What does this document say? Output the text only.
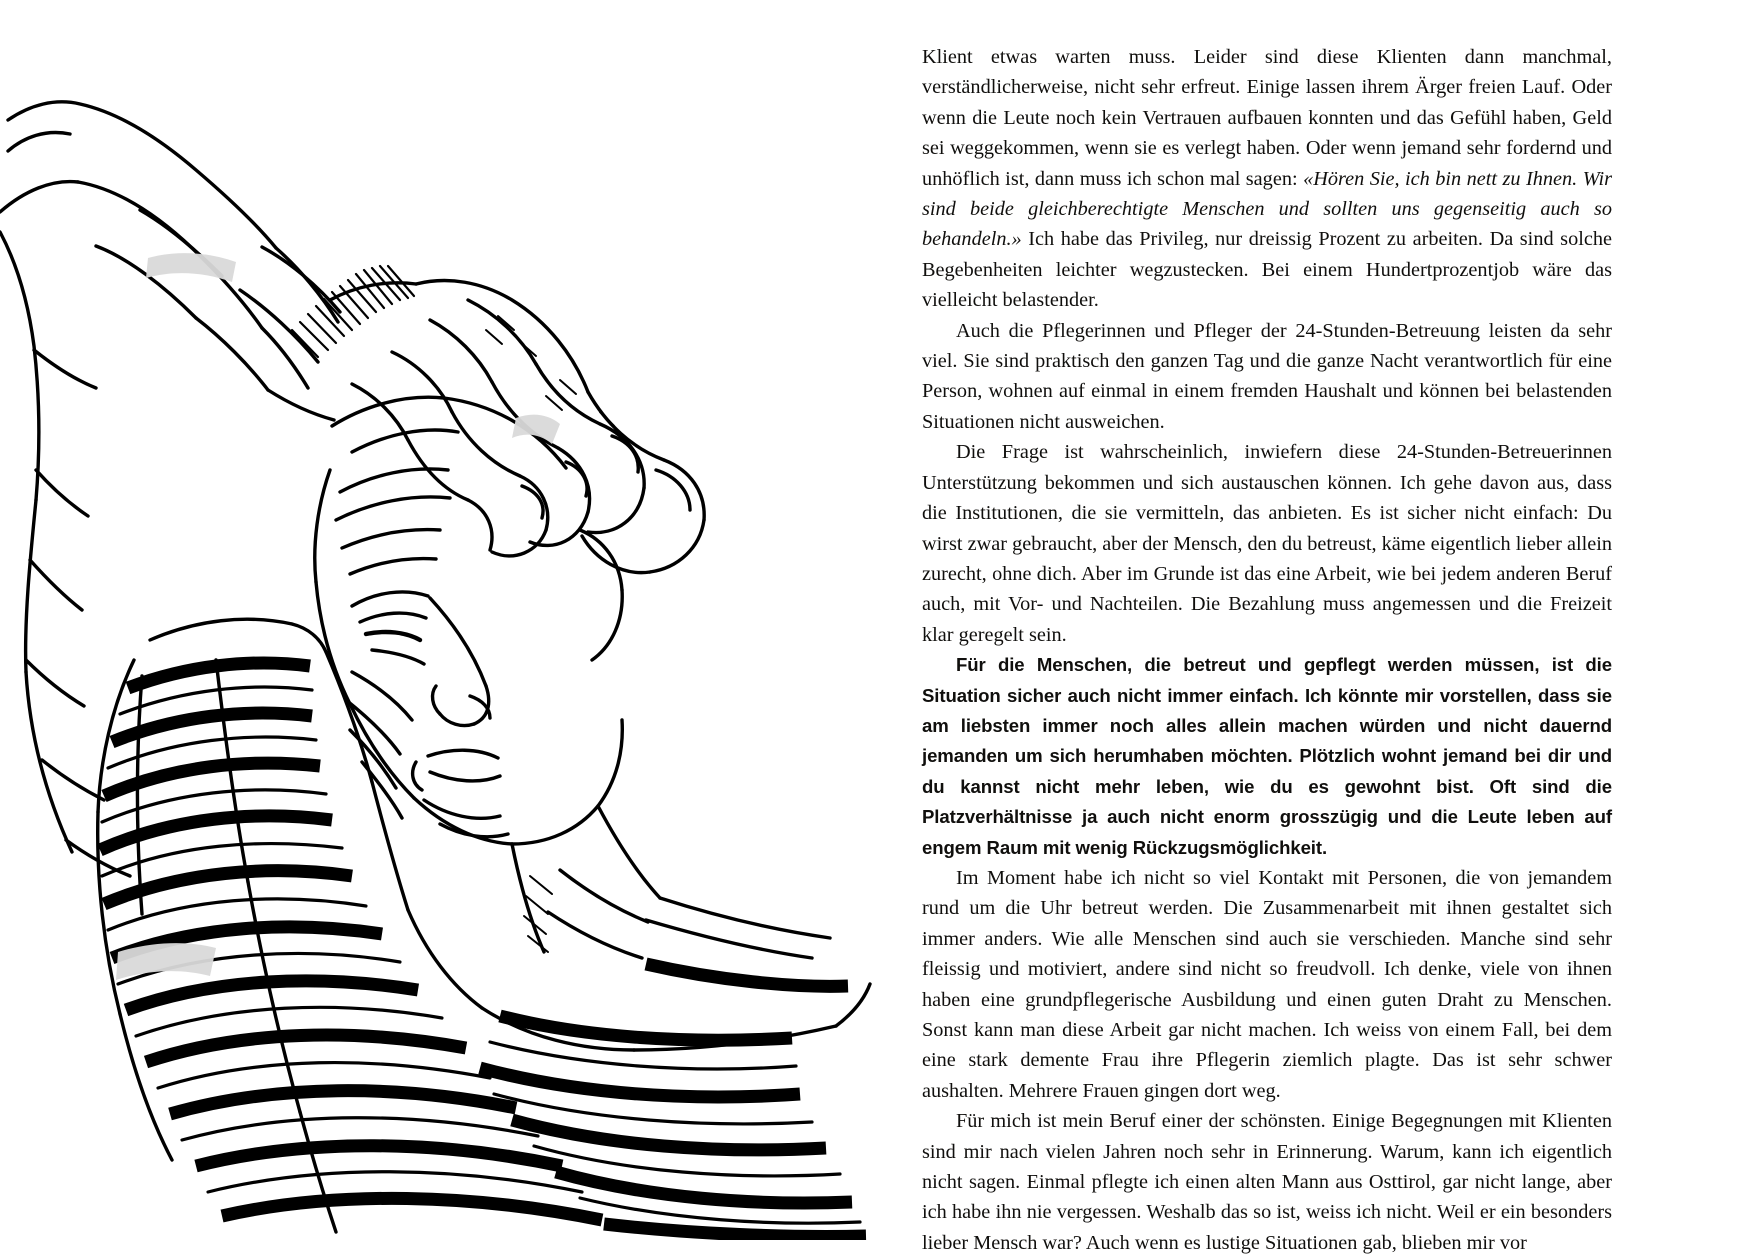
Klient etwas warten muss. Leider sind diese Klienten dann manchmal, verständlicherweise, nicht sehr erfreut. Einige lassen ihrem Ärger freien Lauf. Oder wenn die Leute noch kein Vertrauen aufbauen konnten und das Gefühl haben, Geld sei weggekommen, wenn sie es verlegt haben. Oder wenn jemand sehr fordernd und unhöflich ist, dann muss ich schon mal sagen: «Hören Sie, ich bin nett zu Ihnen. Wir sind beide gleichberechtigte Menschen und sollten uns gegenseitig auch so behandeln.» Ich habe das Privileg, nur dreissig Prozent zu arbeiten. Da sind solche Begebenheiten leichter wegzustecken. Bei einem Hundertprozentjob wäre das vielleicht belastender.

Auch die Pflegerinnen und Pfleger der 24-Stunden-Betreuung leisten da sehr viel. Sie sind praktisch den ganzen Tag und die ganze Nacht verantwortlich für eine Person, wohnen auf einmal in einem fremden Haushalt und können bei belastenden Situationen nicht ausweichen.

Die Frage ist wahrscheinlich, inwiefern diese 24-Stunden-Betreuerinnen Unterstützung bekommen und sich austauschen können. Ich gehe davon aus, dass die Institutionen, die sie vermitteln, das anbieten. Es ist sicher nicht einfach: Du wirst zwar gebraucht, aber der Mensch, den du betreust, käme eigentlich lieber allein zurecht, ohne dich. Aber im Grunde ist das eine Arbeit, wie bei jedem anderen Beruf auch, mit Vor- und Nachteilen. Die Bezahlung muss angemessen und die Freizeit klar geregelt sein.

Für die Menschen, die betreut und gepflegt werden müssen, ist die Situation sicher auch nicht immer einfach. Ich könnte mir vorstellen, dass sie am liebsten immer noch alles allein machen würden und nicht dauernd jemanden um sich herumhaben möchten. Plötzlich wohnt jemand bei dir und du kannst nicht mehr leben, wie du es gewohnt bist. Oft sind die Platzverhältnisse ja auch nicht enorm grosszügig und die Leute leben auf engem Raum mit wenig Rückzugsmöglichkeit.

Im Moment habe ich nicht so viel Kontakt mit Personen, die von jemandem rund um die Uhr betreut werden. Die Zusammenarbeit mit ihnen gestaltet sich immer anders. Wie alle Menschen sind auch sie verschieden. Manche sind sehr fleissig und motiviert, andere sind nicht so freudvoll. Ich denke, viele von ihnen haben eine grundpflegerische Ausbildung und einen guten Draht zu Menschen. Sonst kann man diese Arbeit gar nicht machen. Ich weiss von einem Fall, bei dem eine stark demente Frau ihre Pflegerin ziemlich plagte. Das ist sehr schwer aushalten. Mehrere Frauen gingen dort weg.

Für mich ist mein Beruf einer der schönsten. Einige Begegnungen mit Klienten sind mir nach vielen Jahren noch sehr in Erinnerung. Warum, kann ich eigentlich nicht sagen. Einmal pflegte ich einen alten Mann aus Osttirol, gar nicht lange, aber ich habe ihn nie vergessen. Weshalb das so ist, weiss ich nicht. Weil er ein besonders lieber Mensch war? Auch wenn es lustige Situationen gab, blieben mir vor
